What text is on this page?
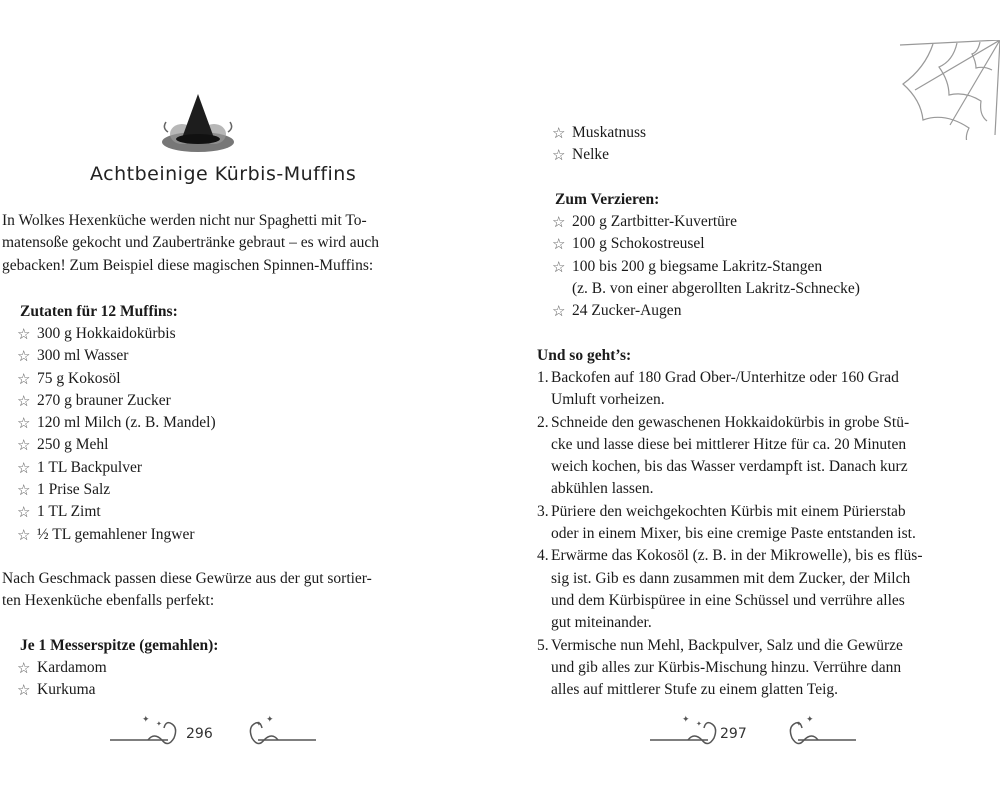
Achtbeinige Kürbis-Muffins

In Wolkes Hexenküche werden nicht nur Spaghetti mit To-
matensoße gekocht und Zaubertränke gebraut – es wird auch
gebacken! Zum Beispiel diese magischen Spinnen-Muffins:

Zutaten für 12 Muffins:

☆ 300 g Hokkaidokürbis
☆ 300 ml Wasser
☆ 75 g Kokosöl
☆ 270 g brauner Zucker
☆ 120 ml Milch (z. B. Mandel)
☆ 250 g Mehl
☆ 1 TL Backpulver
☆ 1 Prise Salz
☆ 1 TL Zimt
☆ ½ TL gemahlener Ingwer

Nach Geschmack passen diese Gewürze aus der gut sortier-
ten Hexenküche ebenfalls perfekt:

Je 1 Messerspitze (gemahlen):

☆ Kardamom
☆ Kurkuma
✦ ✦	✦
✦
296
☆ Muskatnuss
☆ Nelke

Zum Verzieren:

☆ 200 g Zartbitter-Kuvertüre
☆ 100 g Schokostreusel
☆ 100 bis 200 g biegsame Lakritz-Stangen
(z. B. von einer abgerollten Lakritz-Schnecke)
☆ 24 Zucker-Augen

Und so geht’s:

1. Backofen auf 180 Grad Ober-/Unterhitze oder 160 Grad
Umluft vorheizen.
2. Schneide den gewaschenen Hokkaidokürbis in grobe Stü-
cke und lasse diese bei mittlerer Hitze für ca. 20 Minuten
weich kochen, bis das Wasser verdampft ist. Danach kurz
abkühlen lassen.
3. Püriere den weichgekochten Kürbis mit einem Pürierstab
oder in einem Mixer, bis eine cremige Paste entstanden ist.
4. Erwärme das Kokosöl (z. B. in der Mikrowelle), bis es flüs-
sig ist. Gib es dann zusammen mit dem Zucker, der Milch
und dem Kürbispüree in eine Schüssel und verrühre alles
gut miteinander.
5. Vermische nun Mehl, Backpulver, Salz und die Gewürze
und gib alles zur Kürbis-Mischung hinzu. Verrühre dann
alles auf mittlerer Stufe zu einem glatten Teig.
✦ ✦	✦
✦
297
